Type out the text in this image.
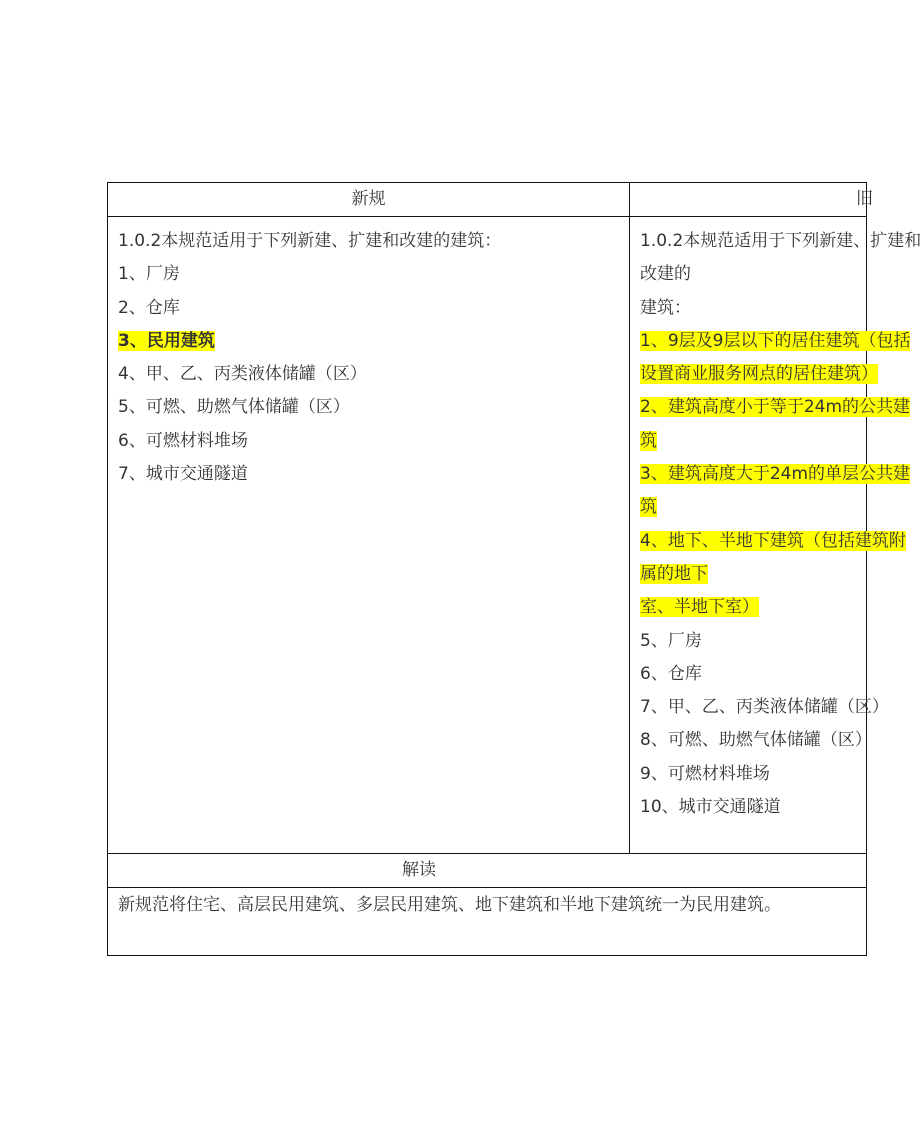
新规	旧
1.0.2本规范适用于下列新建、扩建和改建的建筑：
1、厂房
2、仓库
3、民用建筑
4、甲、乙、丙类液体储罐（区）
5、可燃、助燃气体储罐（区）
6、可燃材料堆场
7、城市交通隧道
1.0.2本规范适用于下列新建、扩建和
改建的
建筑：
1、9层及9层以下的居住建筑（包括
设置商业服务网点的居住建筑）
2、建筑高度小于等于24m的公共建
筑
3、建筑高度大于24m的单层公共建
筑
4、地下、半地下建筑（包括建筑附
属的地下
室、半地下室）
5、厂房
6、仓库
7、甲、乙、丙类液体储罐（区）
8、可燃、助燃气体储罐（区）
9、可燃材料堆场
10、城市交通隧道
解读
新规范将住宅、高层民用建筑、多层民用建筑、地下建筑和半地下建筑统一为民用建筑。
